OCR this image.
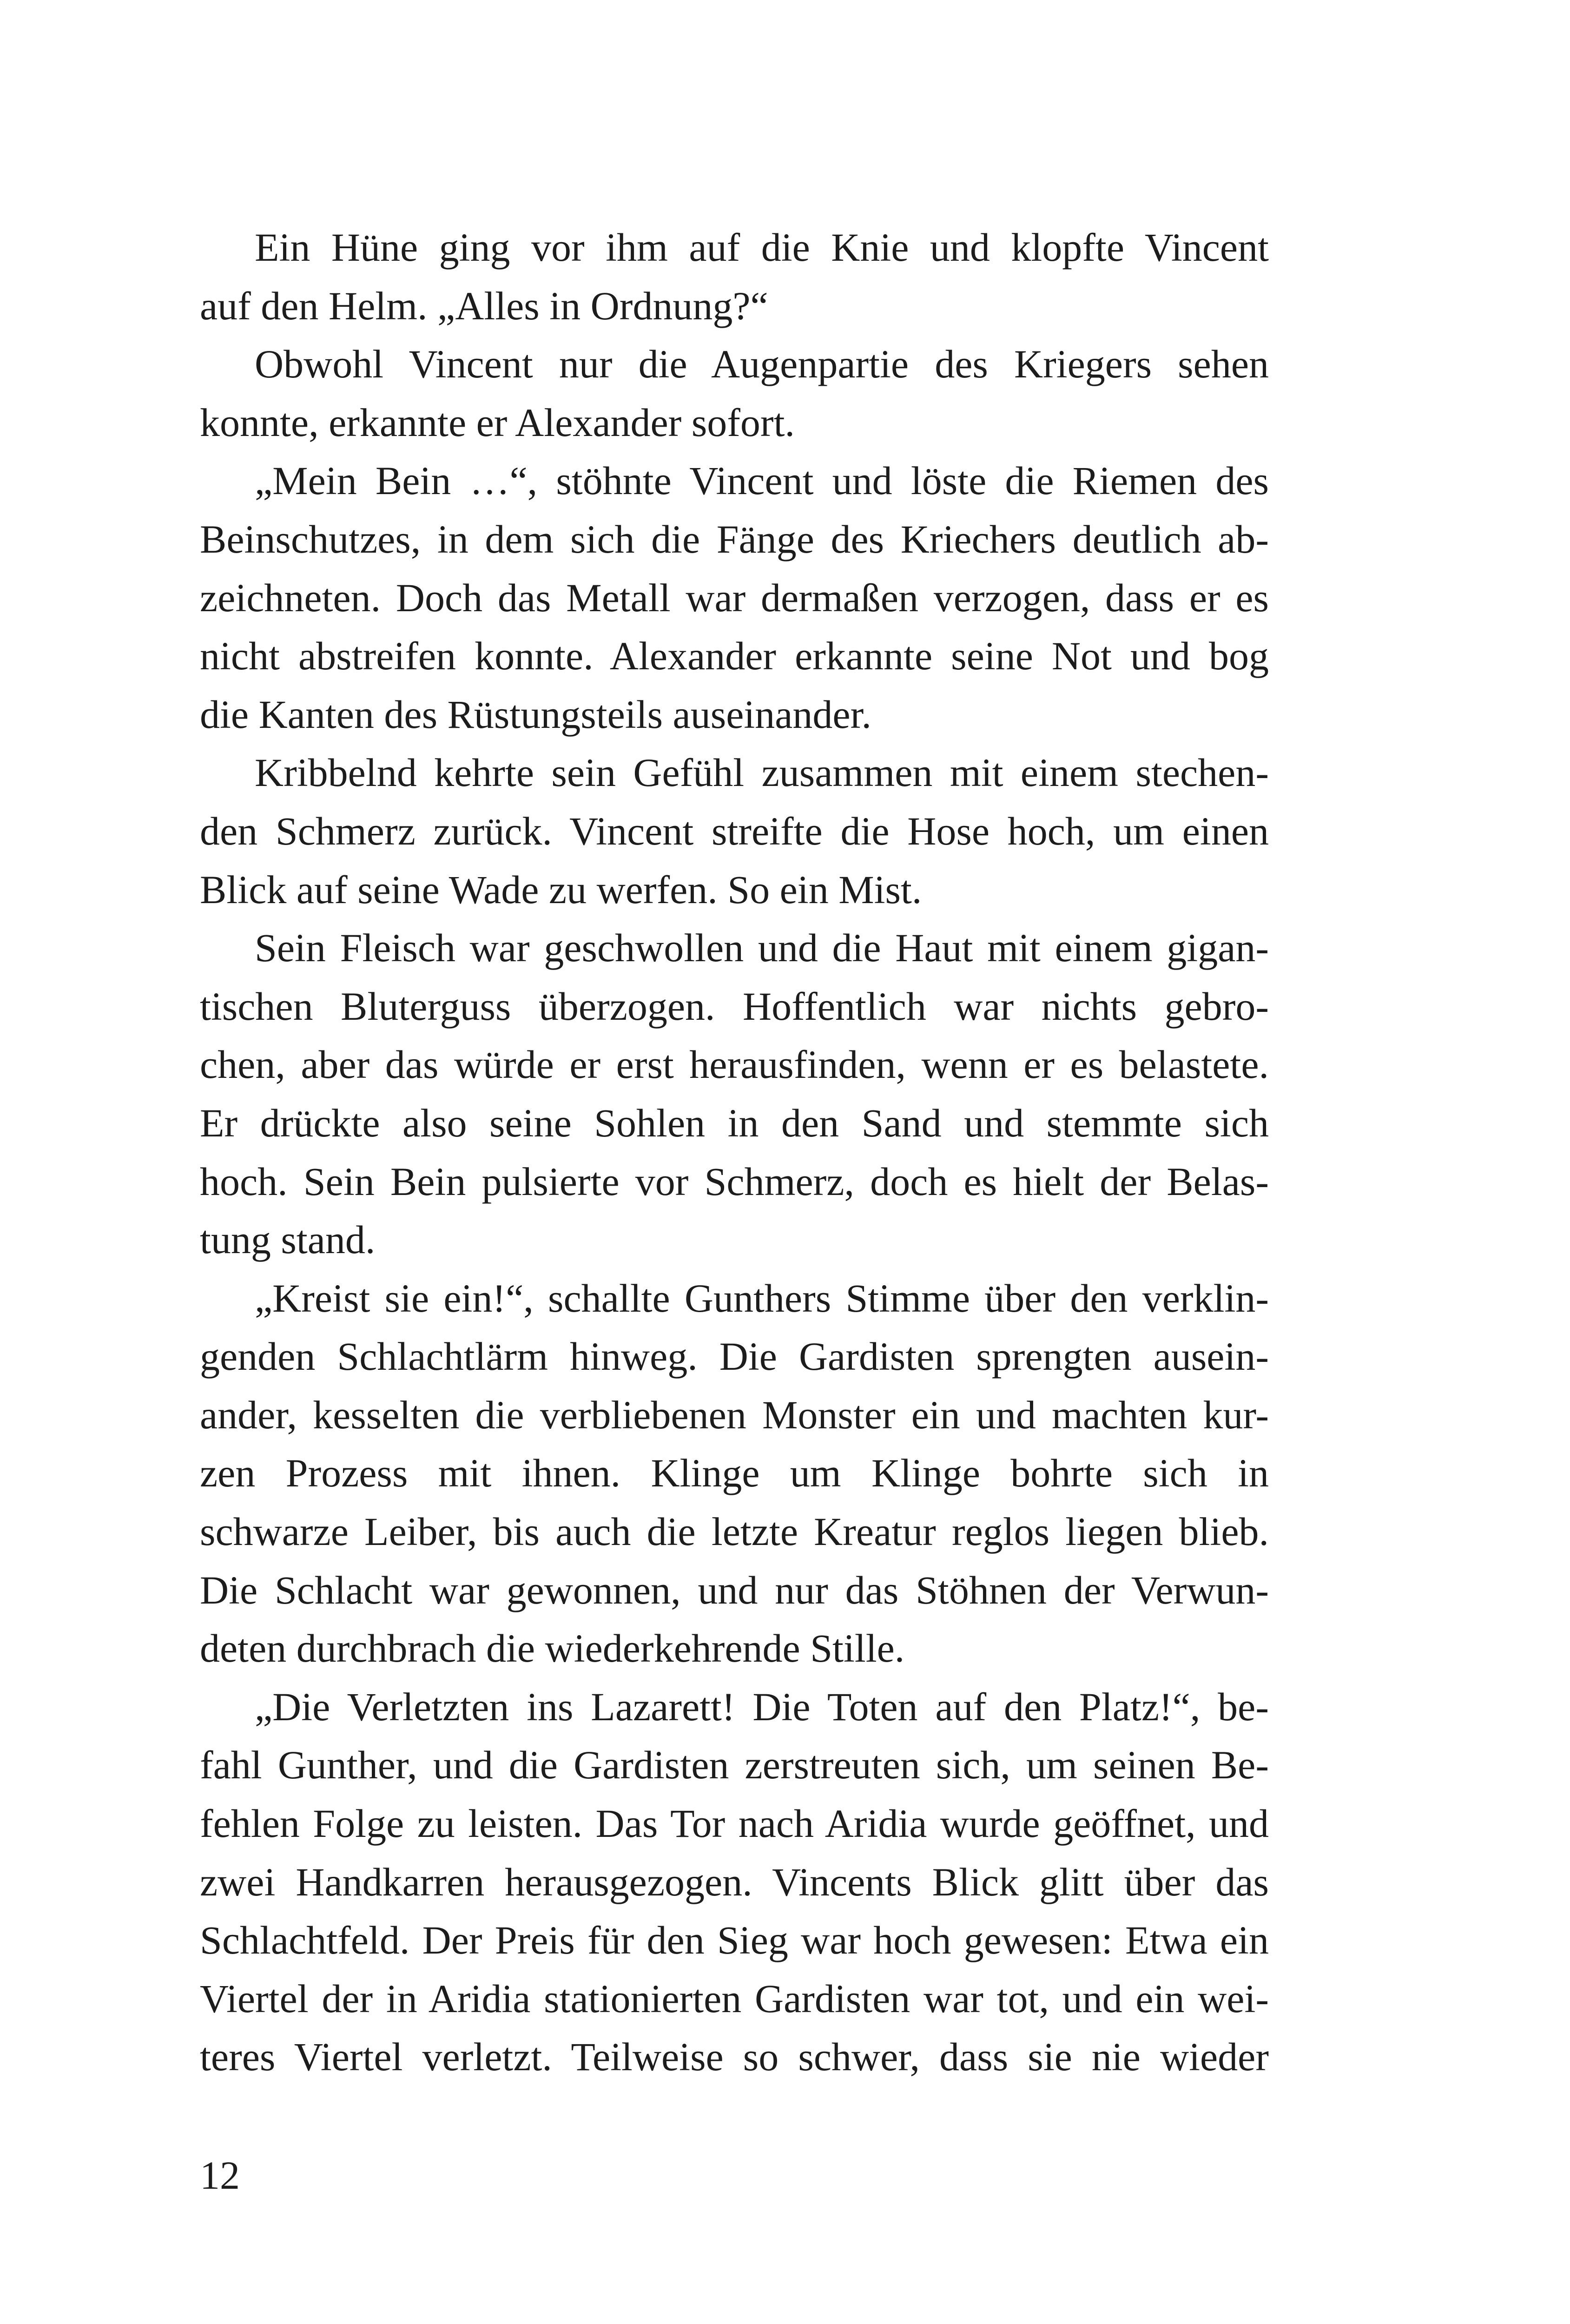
Ein Hüne ging vor ihm auf die Knie und klopfte Vincent
auf den Helm. „Alles in Ordnung?“
Obwohl Vincent nur die Augenpartie des Kriegers sehen
konnte, erkannte er Alexander sofort.
„Mein Bein …“, stöhnte Vincent und löste die Riemen des
Beinschutzes, in dem sich die Fänge des Kriechers deutlich ab-
zeichneten. Doch das Metall war dermaßen verzogen, dass er es
nicht abstreifen konnte. Alexander erkannte seine Not und bog
die Kanten des Rüstungsteils auseinander.
Kribbelnd kehrte sein Gefühl zusammen mit einem stechen-
den Schmerz zurück. Vincent streifte die Hose hoch, um einen
Blick auf seine Wade zu werfen. So ein Mist.
Sein Fleisch war geschwollen und die Haut mit einem gigan-
tischen Bluterguss überzogen. Hoffentlich war nichts gebro-
chen, aber das würde er erst herausfinden, wenn er es belastete.
Er drückte also seine Sohlen in den Sand und stemmte sich
hoch. Sein Bein pulsierte vor Schmerz, doch es hielt der Belas-
tung stand.
„Kreist sie ein!“, schallte Gunthers Stimme über den verklin-
genden Schlachtlärm hinweg. Die Gardisten sprengten ausein-
ander, kesselten die verbliebenen Monster ein und machten kur-
zen Prozess mit ihnen. Klinge um Klinge bohrte sich in
schwarze Leiber, bis auch die letzte Kreatur reglos liegen blieb.
Die Schlacht war gewonnen, und nur das Stöhnen der Verwun-
deten durchbrach die wiederkehrende Stille.
„Die Verletzten ins Lazarett! Die Toten auf den Platz!“, be-
fahl Gunther, und die Gardisten zerstreuten sich, um seinen Be-
fehlen Folge zu leisten. Das Tor nach Aridia wurde geöffnet, und
zwei Handkarren herausgezogen. Vincents Blick glitt über das
Schlachtfeld. Der Preis für den Sieg war hoch gewesen: Etwa ein
Viertel der in Aridia stationierten Gardisten war tot, und ein wei-
teres Viertel verletzt. Teilweise so schwer, dass sie nie wieder
12
